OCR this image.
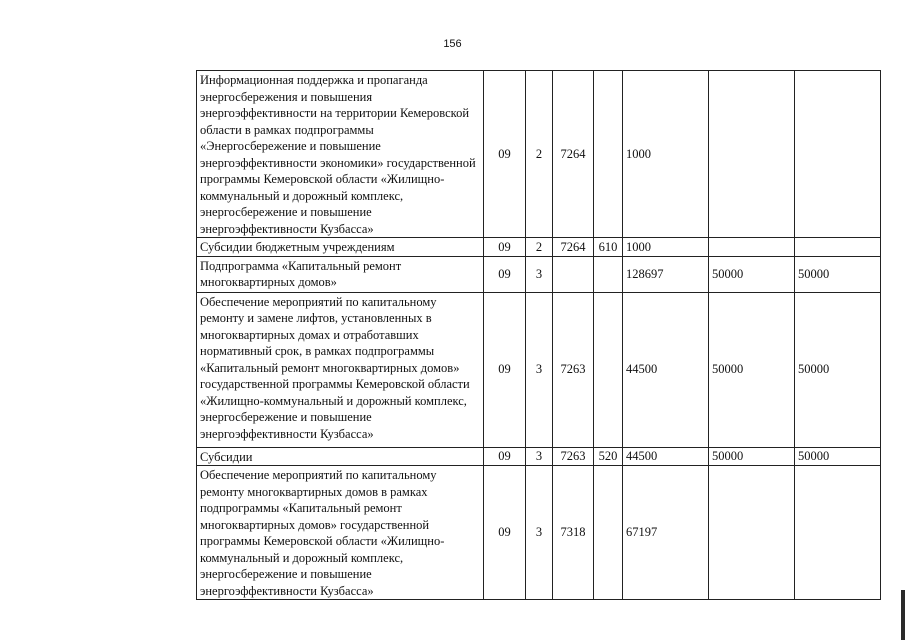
156
Информационная поддержка и пропаганда энергосбережения и повышения энергоэффективности на территории Кемеровской области в рамках подпрограммы «Энергосбережение и повышение энергоэффективности экономики» государственной программы Кемеровской области «Жилищно-коммунальный и дорожный комплекс, энергосбережение и повышение энергоэффективности Кузбасса»	09	2	7264		1000		
Субсидии бюджетным учреждениям	09	2	7264	610	1000		
Подпрограмма «Капитальный ремонт многоквартирных домов»	09	3			128697	50000	50000
Обеспечение мероприятий по капитальному ремонту и замене лифтов, установленных в многоквартирных домах и отработавших нормативный срок, в рамках подпрограммы «Капитальный ремонт многоквартирных домов» государственной программы Кемеровской области «Жилищно-коммунальный и дорожный комплекс, энергосбережение и повышение энергоэффективности Кузбасса»	09	3	7263		44500	50000	50000
Субсидии	09	3	7263	520	44500	50000	50000
Обеспечение мероприятий по капитальному ремонту многоквартирных домов в рамках подпрограммы «Капитальный ремонт многоквартирных домов» государственной программы Кемеровской области «Жилищно-коммунальный и дорожный комплекс, энергосбережение и повышение энергоэффективности Кузбасса»	09	3	7318		67197		
